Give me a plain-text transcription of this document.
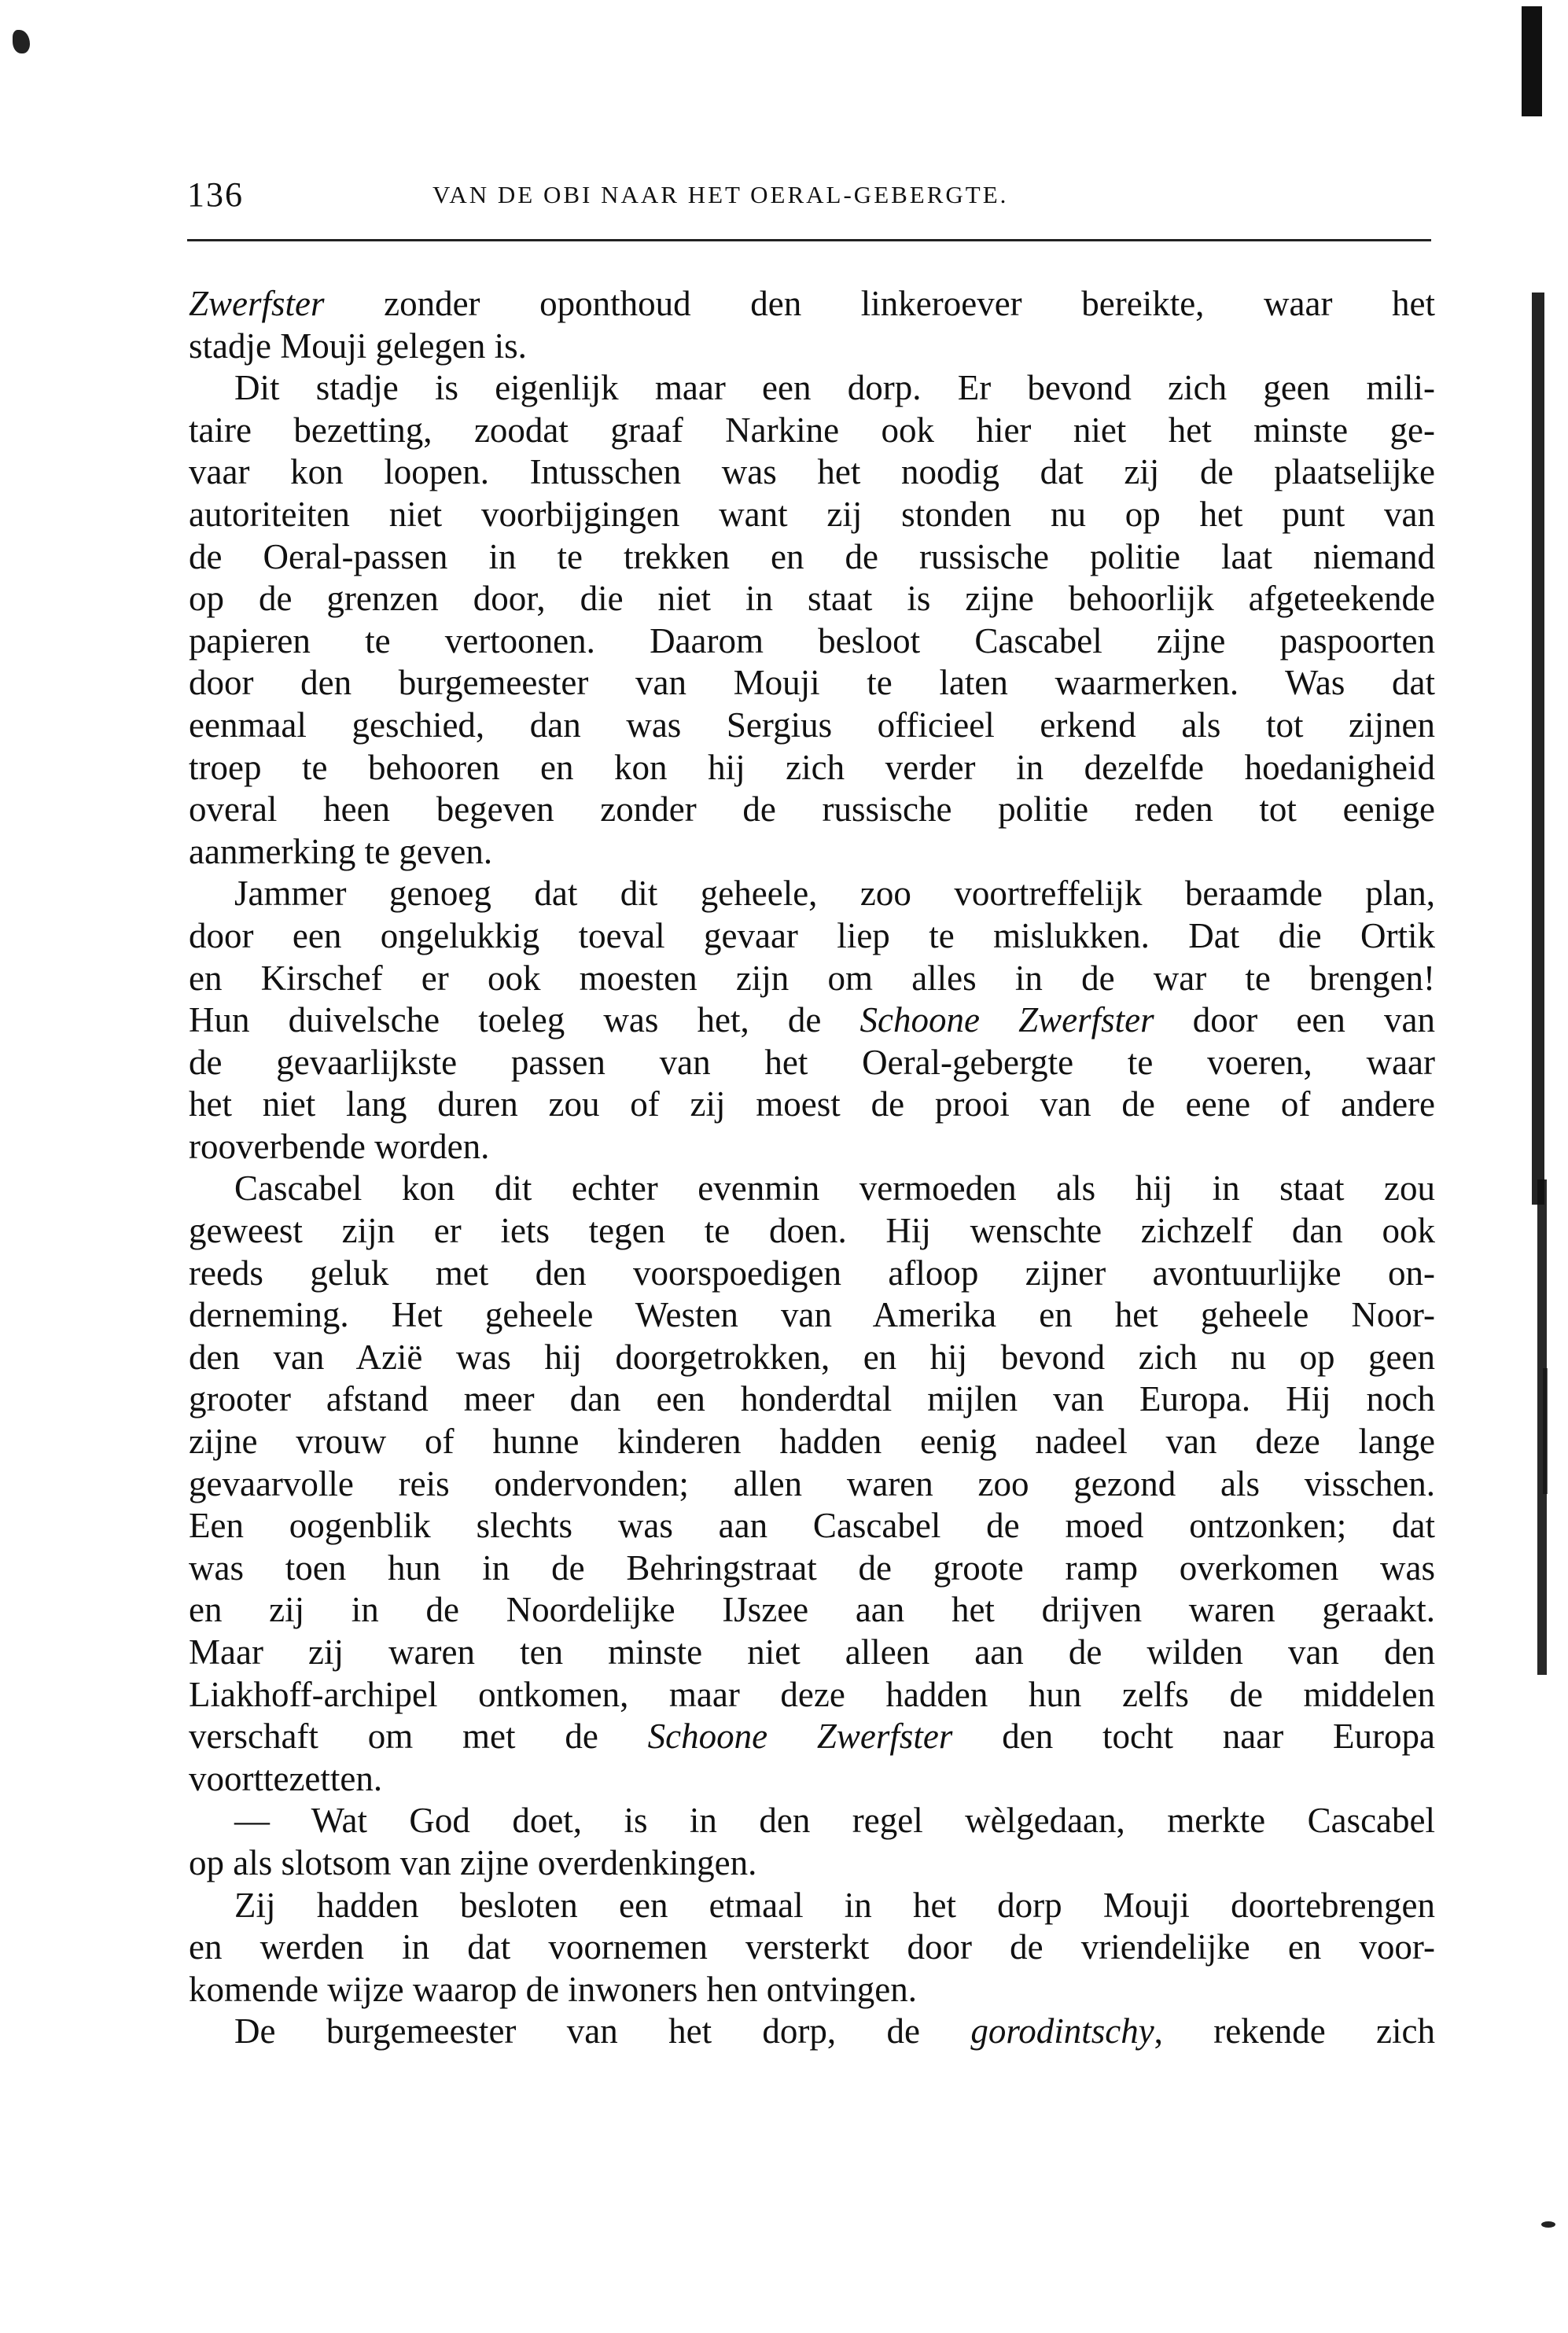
136	VAN DE OBI NAAR HET OERAL-GEBERGTE.
Zwerfster zonder oponthoud den linkeroever bereikte, waar het
stadje Mouji gelegen is.
Dit stadje is eigenlijk maar een dorp. Er bevond zich geen mili-
taire bezetting, zoodat graaf Narkine ook hier niet het minste ge-
vaar kon loopen. Intusschen was het noodig dat zij de plaatselijke
autoriteiten niet voorbijgingen want zij stonden nu op het punt van
de Oeral-passen in te trekken en de russische politie laat niemand
op de grenzen door, die niet in staat is zijne behoorlijk afgeteekende
papieren te vertoonen. Daarom besloot Cascabel zijne paspoorten
door den burgemeester van Mouji te laten waarmerken. Was dat
eenmaal geschied, dan was Sergius officieel erkend als tot zijnen
troep te behooren en kon hij zich verder in dezelfde hoedanigheid
overal heen begeven zonder de russische politie reden tot eenige
aanmerking te geven.
Jammer genoeg dat dit geheele, zoo voortreffelijk beraamde plan,
door een ongelukkig toeval gevaar liep te mislukken. Dat die Ortik
en Kirschef er ook moesten zijn om alles in de war te brengen!
Hun duivelsche toeleg was het, de Schoone Zwerfster door een van
de gevaarlijkste passen van het Oeral-gebergte te voeren, waar
het niet lang duren zou of zij moest de prooi van de eene of andere
rooverbende worden.
Cascabel kon dit echter evenmin vermoeden als hij in staat zou
geweest zijn er iets tegen te doen. Hij wenschte zichzelf dan ook
reeds geluk met den voorspoedigen afloop zijner avontuurlijke on-
derneming. Het geheele Westen van Amerika en het geheele Noor-
den van Azië was hij doorgetrokken, en hij bevond zich nu op geen
grooter afstand meer dan een honderdtal mijlen van Europa. Hij noch
zijne vrouw of hunne kinderen hadden eenig nadeel van deze lange
gevaarvolle reis ondervonden; allen waren zoo gezond als visschen.
Een oogenblik slechts was aan Cascabel de moed ontzonken; dat
was toen hun in de Behringstraat de groote ramp overkomen was
en zij in de Noordelijke IJszee aan het drijven waren geraakt.
Maar zij waren ten minste niet alleen aan de wilden van den
Liakhoff-archipel ontkomen, maar deze hadden hun zelfs de middelen
verschaft om met de Schoone Zwerfster den tocht naar Europa
voorttezetten.
— Wat God doet, is in den regel wèlgedaan, merkte Cascabel
op als slotsom van zijne overdenkingen.
Zij hadden besloten een etmaal in het dorp Mouji doortebrengen
en werden in dat voornemen versterkt door de vriendelijke en voor-
komende wijze waarop de inwoners hen ontvingen.
De burgemeester van het dorp, de gorodintschy, rekende zich
